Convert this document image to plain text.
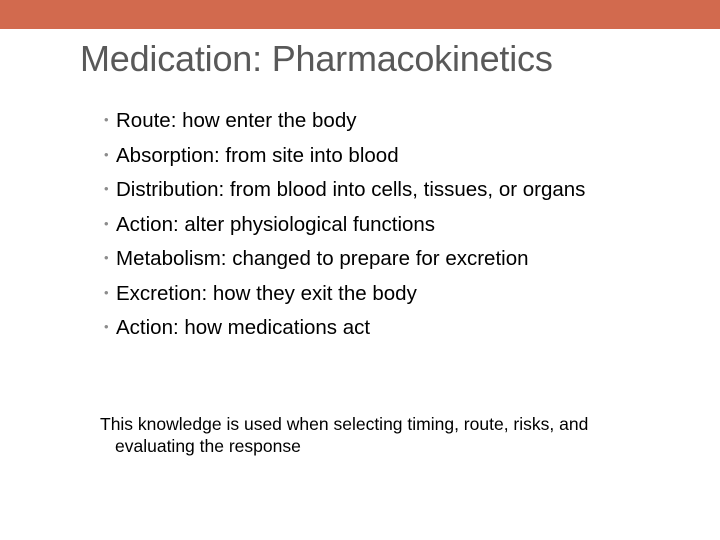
Medication: Pharmacokinetics
• Route: how enter the body
• Absorption: from site into blood
• Distribution: from blood into cells, tissues, or organs
• Action: alter physiological functions
• Metabolism: changed to prepare for excretion
• Excretion: how they exit the body
• Action: how medications act
This knowledge is used when selecting timing, route, risks, and evaluating the response
